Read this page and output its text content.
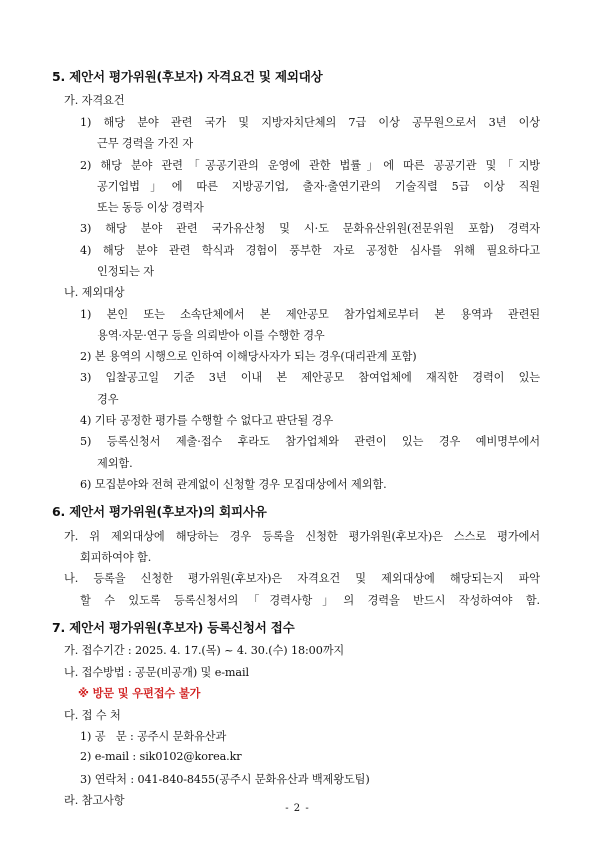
5. 제안서 평가위원(후보자) 자격요건 및 제외대상
가. 자격요건
1) 해당 분야 관련 국가 및 지방자치단체의 7급 이상 공무원으로서 3년 이상
근무 경력을 가진 자
2) 해당 분야 관련「공공기관의 운영에 관한 법률」에 따른 공공기관 및「지방
공기업법」에 따른 지방공기업, 출자·출연기관의 기술직렬 5급 이상 직원
또는 동등 이상 경력자
3) 해당 분야 관련 국가유산청 및 시·도 문화유산위원(전문위원 포함) 경력자
4) 해당 분야 관련 학식과 경험이 풍부한 자로 공정한 심사를 위해 필요하다고
인정되는 자
나. 제외대상
1) 본인 또는 소속단체에서 본 제안공모 참가업체로부터 본 용역과 관련된
용역·자문·연구 등을 의뢰받아 이를 수행한 경우
2) 본 용역의 시행으로 인하여 이해당사자가 되는 경우(대리관계 포함)
3) 입찰공고일 기준 3년 이내 본 제안공모 참여업체에 재직한 경력이 있는
경우
4) 기타 공정한 평가를 수행할 수 없다고 판단될 경우
5) 등록신청서 제출·접수 후라도 참가업체와 관련이 있는 경우 예비명부에서
제외함.
6) 모집분야와 전혀 관계없이 신청할 경우 모집대상에서 제외함.
6. 제안서 평가위원(후보자)의 회피사유
가. 위 제외대상에 해당하는 경우 등록을 신청한 평가위원(후보자)은 스스로 평가에서
회피하여야 함.
나. 등록을 신청한 평가위원(후보자)은 자격요건 및 제외대상에 해당되는지 파악
할 수 있도록 등록신청서의「경력사항」의 경력을 반드시 작성하여야 함.
7. 제안서 평가위원(후보자) 등록신청서 접수
가. 접수기간 : 2025. 4. 17.(목) ~ 4. 30.(수) 18:00까지
나. 접수방법 : 공문(비공개) 및 e-mail
※ 방문 및 우편접수 불가
다. 접 수 처
1) 공   문 : 공주시 문화유산과
2) e-mail : sik0102@korea.kr
3) 연락처 : 041-840-8455(공주시 문화유산과 백제왕도팀)
라. 참고사항
- 2 -
